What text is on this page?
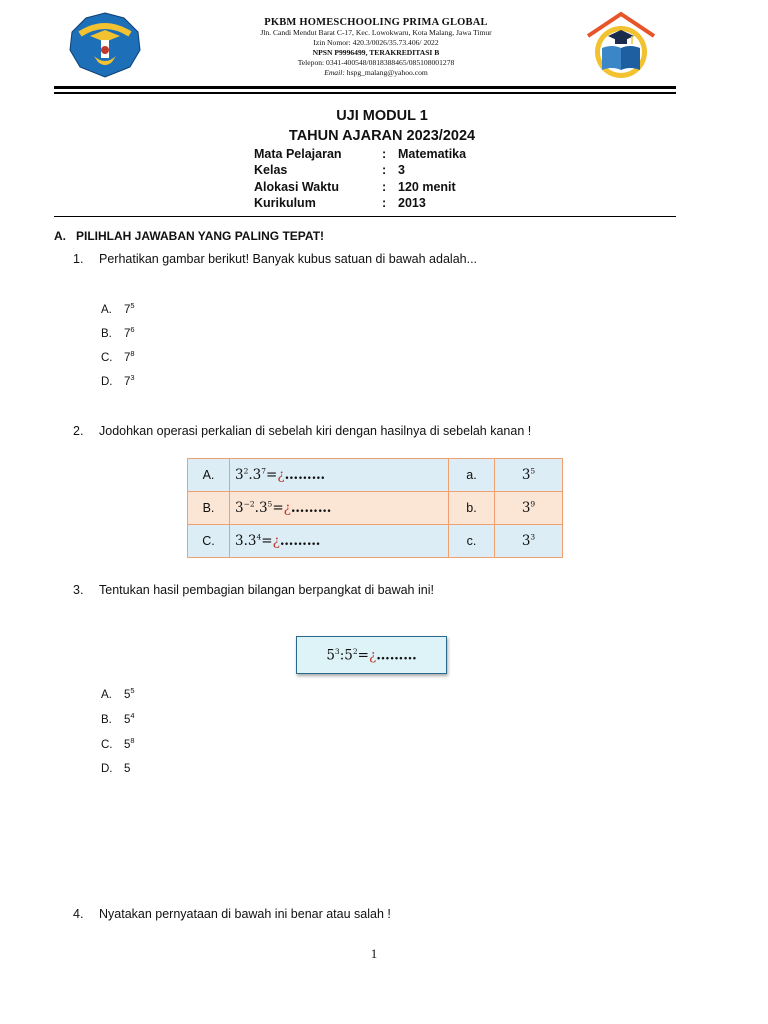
PKBM HOMESCHOOLING PRIMA GLOBAL
Jln. Candi Mendut Barat C-17, Kec. Lowokwaru, Kota Malang, Jawa Timur
Izin Nomor: 420.3/0026/35.73.406/ 2022
NPSN P9996499, TERAKREDITASI B
Telepon: 0341-400548/0818388465/085108001278
Email: hspg_malang@yahoo.com
UJI MODUL 1
TAHUN AJARAN 2023/2024
Mata Pelajaran	: Matematika
Kelas	: 3
Alokasi Waktu	: 120 menit
Kurikulum	: 2013
A.   PILIHLAH JAWABAN YANG PALING TEPAT!
1. Perhatikan gambar berikut! Banyak kubus satuan di bawah adalah...
A. $7^5$
B. $7^6$
C. $7^8$
D. $7^3$
2. Jodohkan operasi perkalian di sebelah kiri dengan hasilnya di sebelah kanan !
A.	$3^2.3^7=¿\dots\dots\dots$	a.	$3^5$
B.	$3^{-2}.3^5=¿\dots\dots\dots$	b.	$3^9$
C.	$3.3^4=¿\dots\dots\dots$	c.	$3^3$
3. Tentukan hasil pembagian bilangan berpangkat di bawah ini!
$5^3:5^2=¿\dots\dots\dots$
A. $5^5$
B. $5^4$
C. $5^8$
D. 5
4. Nyatakan pernyataan di bawah ini benar atau salah !
1
